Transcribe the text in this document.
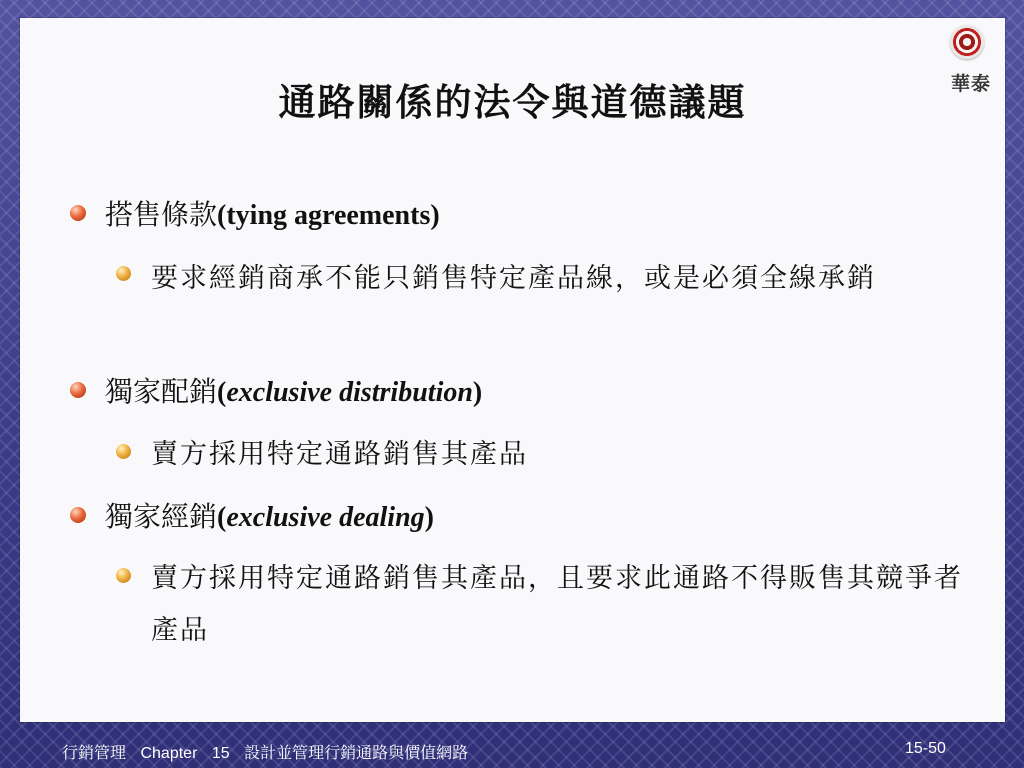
華泰
通路關係的法令與道德議題
搭售條款(tying agreements)
要求經銷商承不能只銷售特定產品線，或是必須全線承銷
獨家配銷(exclusive distribution)
賣方採用特定通路銷售其產品
獨家經銷(exclusive dealing)
賣方採用特定通路銷售其產品，且要求此通路不得販售其競爭者產品
行銷管理 Chapter 15 設計並管理行銷通路與價值網路	15-50
